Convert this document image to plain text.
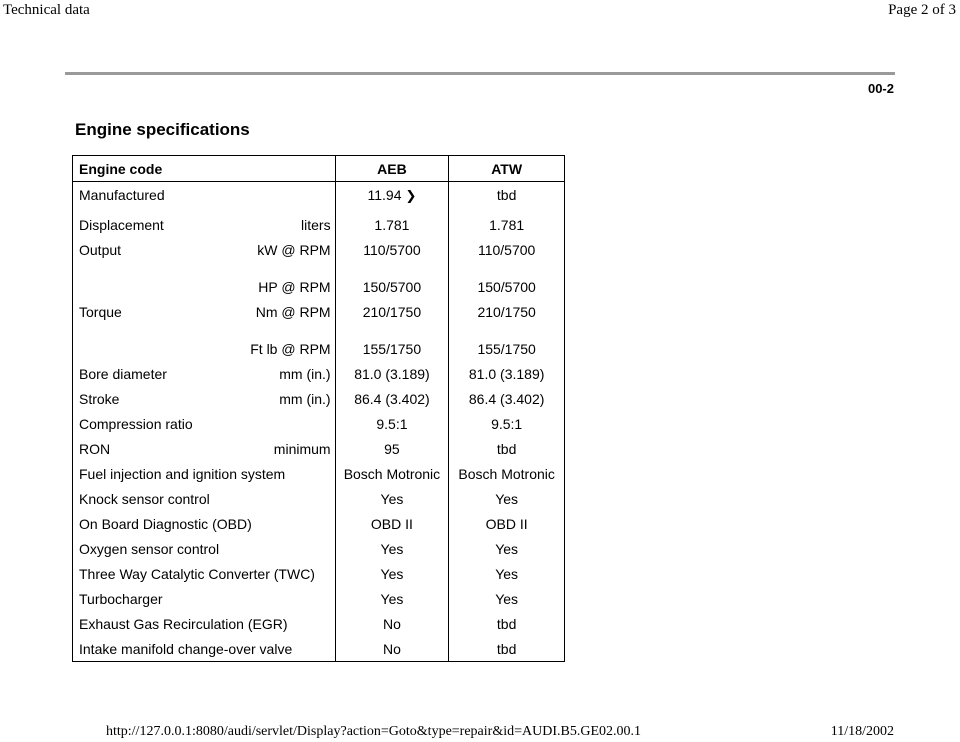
Technical data	Page 2 of 3
00-2
Engine specifications
Engine code	AEB	ATW

Manufactured	11.94 ❯	tbd

Displacement liters	1.781	1.781

Output kW @ RPM	110/5700	110/5700

HP @ RPM	150/5700	150/5700

Torque Nm @ RPM	210/1750	210/1750

Ft lb @ RPM	155/1750	155/1750

Bore diameter mm (in.)	81.0 (3.189)	81.0 (3.189)

Stroke mm (in.)	86.4 (3.402)	86.4 (3.402)

Compression ratio	9.5:1	9.5:1

RON minimum	95	tbd

Fuel injection and ignition system	Bosch Motronic	Bosch Motronic

Knock sensor control	Yes	Yes

On Board Diagnostic (OBD)	OBD II	OBD II

Oxygen sensor control	Yes	Yes

Three Way Catalytic Converter (TWC)	Yes	Yes

Turbocharger	Yes	Yes

Exhaust Gas Recirculation (EGR)	No	tbd

Intake manifold change-over valve	No	tbd
http://127.0.0.1:8080/audi/servlet/Display?action=Goto&type=repair&id=AUDI.B5.GE02.00.1	11/18/2002
